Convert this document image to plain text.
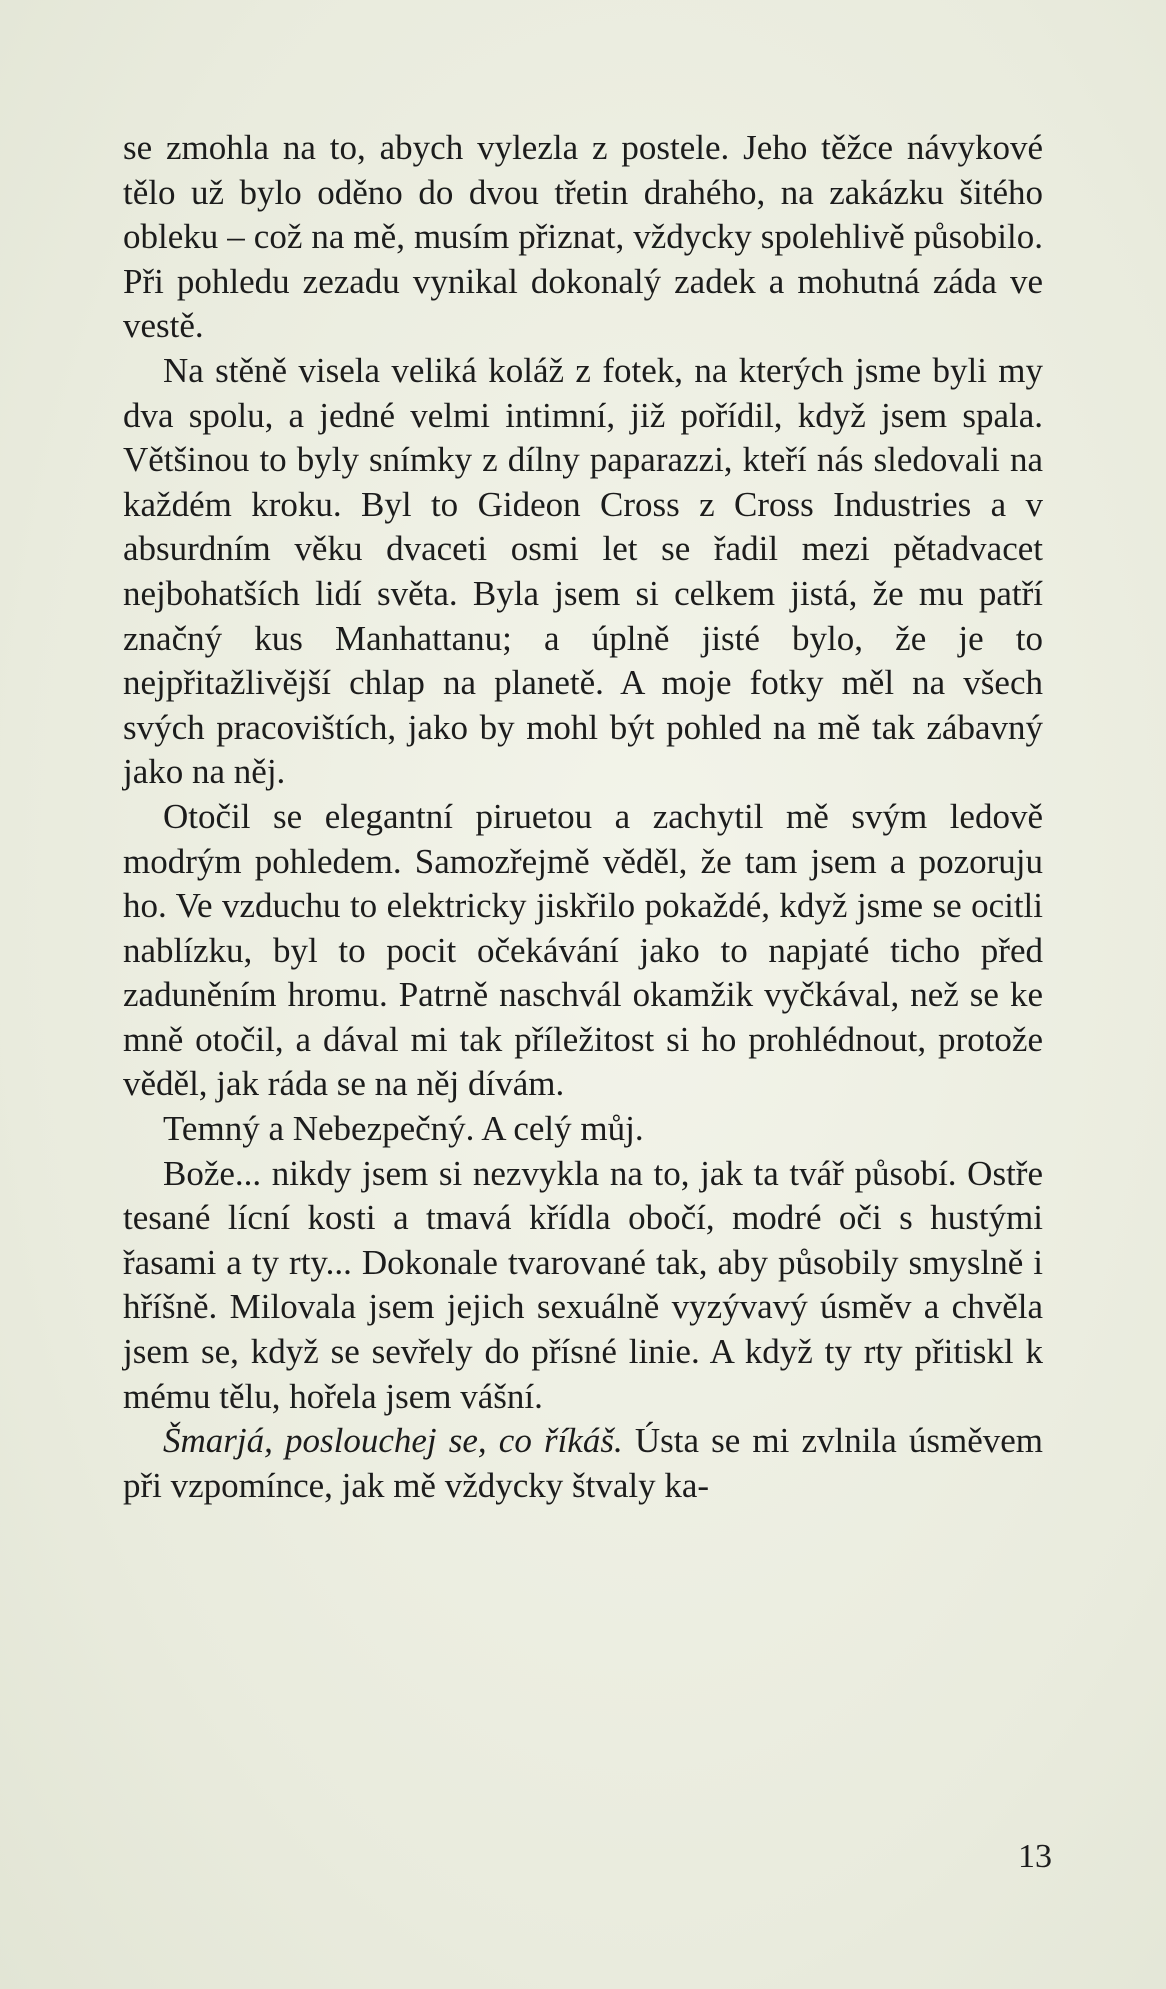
se zmohla na to, abych vylezla z postele. Jeho těžce návykové tělo už bylo oděno do dvou třetin drahého, na zakázku šitého obleku – což na mě, musím přiznat, vždycky spolehlivě působilo. Při pohledu zezadu vynikal dokonalý zadek a mohutná záda ve vestě.

Na stěně visela veliká koláž z fotek, na kterých jsme byli my dva spolu, a jedné velmi intimní, již pořídil, když jsem spala. Většinou to byly snímky z dílny paparazzi, kteří nás sledovali na každém kroku. Byl to Gideon Cross z Cross Industries a v absurdním věku dvaceti osmi let se řadil mezi pětadvacet nejbohatších lidí světa. Byla jsem si celkem jistá, že mu patří značný kus Manhattanu; a úplně jisté bylo, že je to nejpřitažlivější chlap na planetě. A moje fotky měl na všech svých pracovištích, jako by mohl být pohled na mě tak zábavný jako na něj.

Otočil se elegantní piruetou a zachytil mě svým ledově modrým pohledem. Samozřejmě věděl, že tam jsem a pozoruju ho. Ve vzduchu to elektricky jiskřilo pokaždé, když jsme se ocitli nablízku, byl to pocit očekávání jako to napjaté ticho před zaduněním hromu. Patrně naschvál okamžik vyčkával, než se ke mně otočil, a dával mi tak příležitost si ho prohlédnout, protože věděl, jak ráda se na něj dívám.

Temný a Nebezpečný. A celý můj.

Bože... nikdy jsem si nezvykla na to, jak ta tvář působí. Ostře tesané lícní kosti a tmavá křídla obočí, modré oči s hustými řasami a ty rty... Dokonale tvarované tak, aby působily smyslně i hříšně. Milovala jsem jejich sexuálně vyzývavý úsměv a chvěla jsem se, když se sevřely do přísné linie. A když ty rty přitiskl k mému tělu, hořela jsem vášní.

Šmarjá, poslouchej se, co říkáš. Ústa se mi zvlnila úsměvem při vzpomínce, jak mě vždycky štvaly ka-

13
